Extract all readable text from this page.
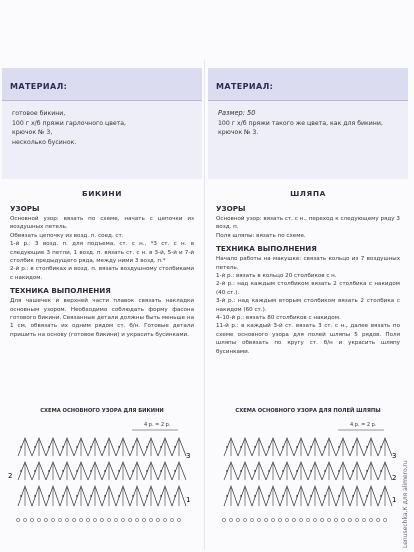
МАТЕРИАЛ:
готовое бикини,
100 г х/б пряжи гарлочного цвета,
крючок № 3,
несколько бусинок.
БИКИНИ
УЗОРЫ
Основной узор: вязать по схеме, начать с цепочки из воздушных петель.
Обвязать цепочку из возд. п. соед. ст.
1-й р.: 3 возд. п. для подъема, ст. с н., *3 ст. с н. в следующие 3 петли, 1 возд. п. вязать ст. с н. в 3-й, 5-й и 7-й столбик предыдущего ряда, между ними 3 возд. п.*
2-й р.: в столбиках и возд. п. вязать воздушному столбиками с накидом.
ТЕХНИКА ВЫПОЛНЕНИЯ
Для чашечек и верхней части плавок связать накладки основным узором. Необходимо соблюдать форму фасона готового бикини. Связанные детали должны быть меньше на 1 см, обвязать их одним рядом ст. б/н. Готовые детали пришить на основу (готовое бикини) и украсить бусинками.
МАТЕРИАЛ:
Размер: 50
100 г х/б пряжи такого же цвета, как для бикини,
крючок № 3.
ШЛЯПА
УЗОРЫ
Основной узор: вязать ст. с н., переход к следующему ряду 3 возд. п.
Поля шляпы: вязать по схеме.
ТЕХНИКА ВЫПОЛНЕНИЯ
Начало работы на макушке: связать кольцо из 7 воздушных петель.
1-й р.: вязать в кольцо 20 столбиков с н.
2-й р.: над каждым столбиком вязать 2 столбика с накидом (40 ст.).
3-й р.: над каждым вторым столбиком вязать 2 столбика с накидом (60 ст.).
4–10-й р.: вязать 80 столбиков с накидом.
11-й р.: в каждый 3-й ст. вязать 3 ст. с н., далее вязать по схеме основного узора для полей шляпы 5 рядов. Поля шляпы обвязать по кругу ст. б/н и украсить шляпу бусинками.
СХЕМА ОСНОВНОГО УЗОРА ДЛЯ БИКИНИ
4 р. = 2 р.
3
2
1
СХЕМА ОСНОВНОГО УЗОРА ДЛЯ ПОЛЕЙ ШЛЯПЫ
4 р. = 2 р.
3
2
1 Lenusechka.К для alimero.ru
